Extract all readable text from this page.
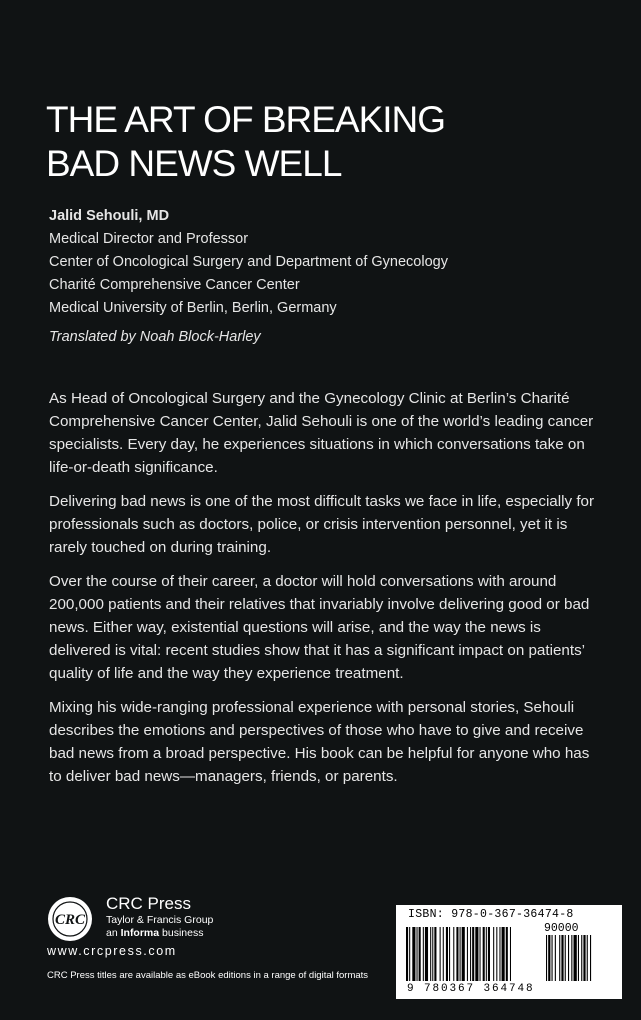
THE ART OF BREAKING
BAD NEWS WELL
Jalid Sehouli, MD
Medical Director and Professor
Center of Oncological Surgery and Department of Gynecology
Charité Comprehensive Cancer Center
Medical University of Berlin, Berlin, Germany
Translated by Noah Block-Harley

As Head of Oncological Surgery and the Gynecology Clinic at Berlin’s Charité Comprehensive Cancer Center, Jalid Sehouli is one of the world’s leading cancer specialists. Every day, he experiences situations in which conversations take on life-or-death significance.

Delivering bad news is one of the most difficult tasks we face in life, especially for professionals such as doctors, police, or crisis intervention personnel, yet it is rarely touched on during training.

Over the course of their career, a doctor will hold conversations with around 200,000 patients and their relatives that invariably involve delivering good or bad news. Either way, existential questions will arise, and the way the news is delivered is vital: recent studies show that it has a significant impact on patients’ quality of life and the way they experience treatment.

Mixing his wide-ranging professional experience with personal stories, Sehouli describes the emotions and perspectives of those who have to give and receive bad news from a broad perspective. His book can be helpful for anyone who has to deliver bad news—managers, friends, or parents.

CRC
CRC Press
Taylor & Francis Group
an Informa business
www.crcpress.com
CRC Press titles are available as eBook editions in a range of digital formats
ISBN: 978-0-367-36474-8
90000
9 780367 364748
